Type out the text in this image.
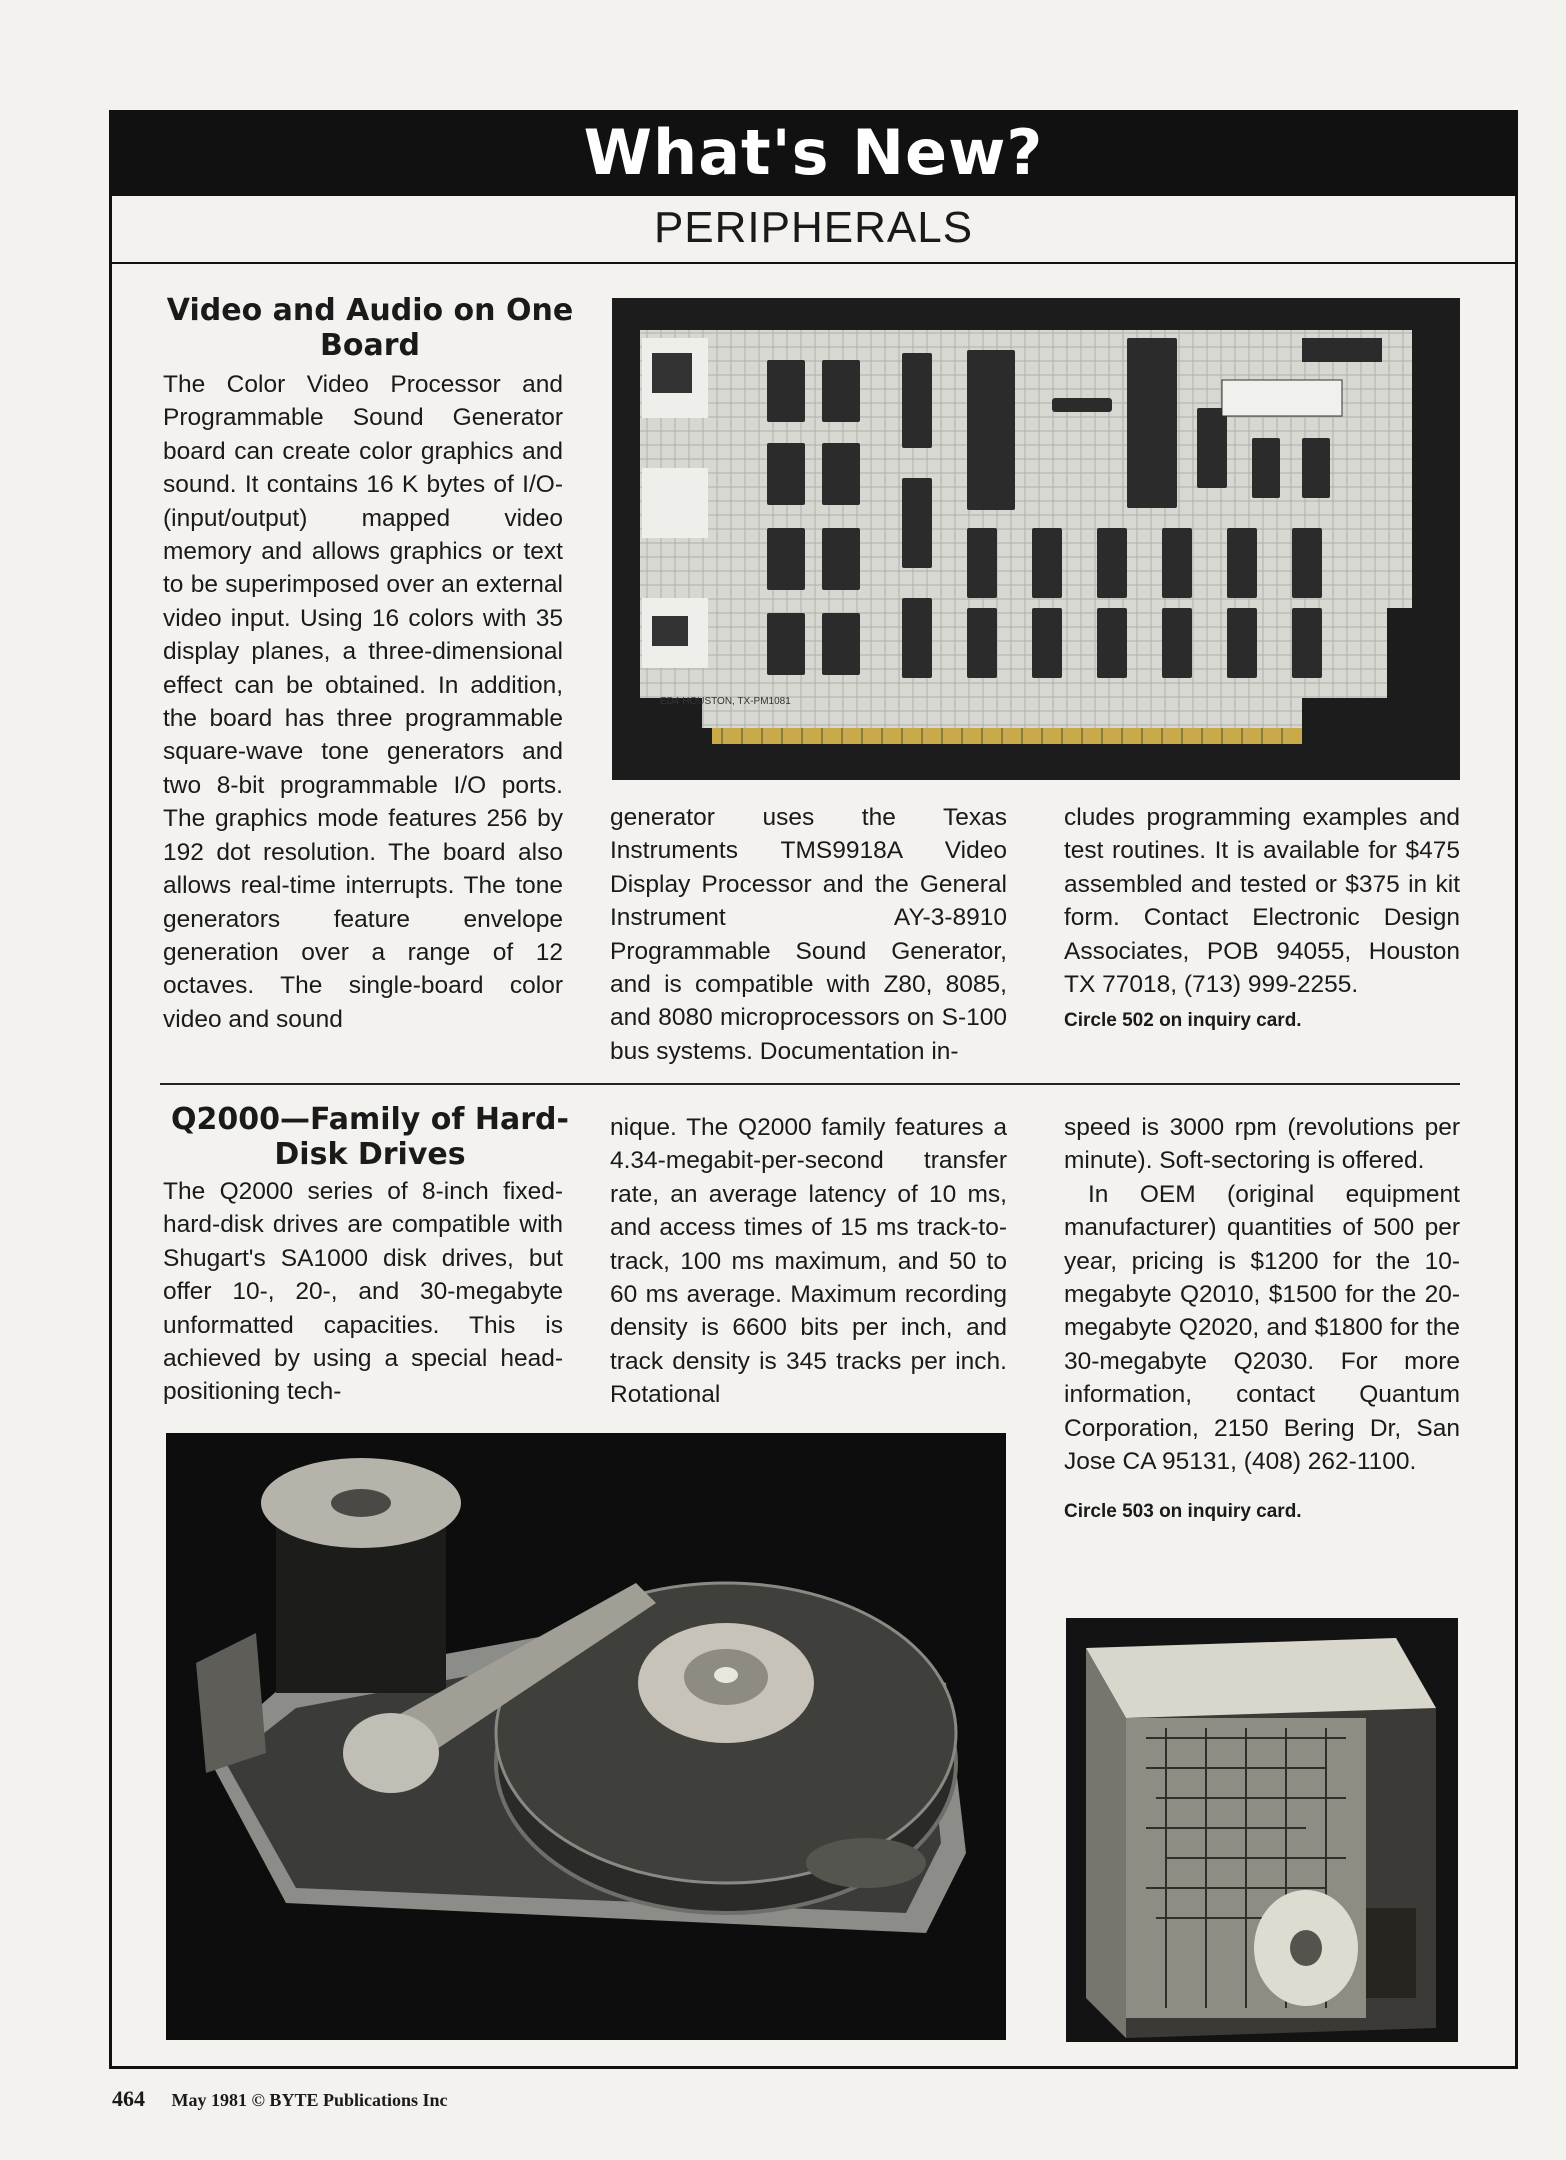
What's New?
PERIPHERALS
Video and Audio on One Board

The Color Video Processor and Programmable Sound Generator board can create color graphics and sound. It contains 16 K bytes of I/O- (input/output) mapped video memory and allows graphics or text to be superimposed over an external video input. Using 16 colors with 35 display planes, a three-dimensional effect can be obtained. In addition, the board has three programmable square-wave tone generators and two 8-bit programmable I/O ports. The graphics mode features 256 by 192 dot resolution. The board also allows real-time interrupts. The tone generators feature envelope generation over a range of 12 octaves. The single-board color video and sound

ED4 HOUSTON, TX-PM1081

generator uses the Texas Instruments TMS9918A Video Display Processor and the General Instrument AY-3-8910 Programmable Sound Generator, and is compatible with Z80, 8085, and 8080 microprocessors on S-100 bus systems. Documentation in-

cludes programming examples and test routines. It is available for $475 assembled and tested or $375 in kit form. Contact Electronic Design Associates, POB 94055, Houston TX 77018, (713) 999-2255.

Circle 502 on inquiry card.

Q2000—Family of Hard-Disk Drives

The Q2000 series of 8-inch fixed-hard-disk drives are compatible with Shugart's SA1000 disk drives, but offer 10-, 20-, and 30-megabyte unformatted capacities. This is achieved by using a special head-positioning tech-

nique. The Q2000 family features a 4.34-megabit-per-second transfer rate, an average latency of 10 ms, and access times of 15 ms track-to-track, 100 ms maximum, and 50 to 60 ms average. Maximum recording density is 6600 bits per inch, and track density is 345 tracks per inch. Rotational

speed is 3000 rpm (revolutions per minute). Soft-sectoring is offered.

In OEM (original equipment manufacturer) quantities of 500 per year, pricing is $1200 for the 10-megabyte Q2010, $1500 for the 20-megabyte Q2020, and $1800 for the 30-megabyte Q2030. For more information, contact Quantum Corporation, 2150 Bering Dr, San Jose CA 95131, (408) 262-1100.

Circle 503 on inquiry card.

464 May 1981 © BYTE Publications Inc
